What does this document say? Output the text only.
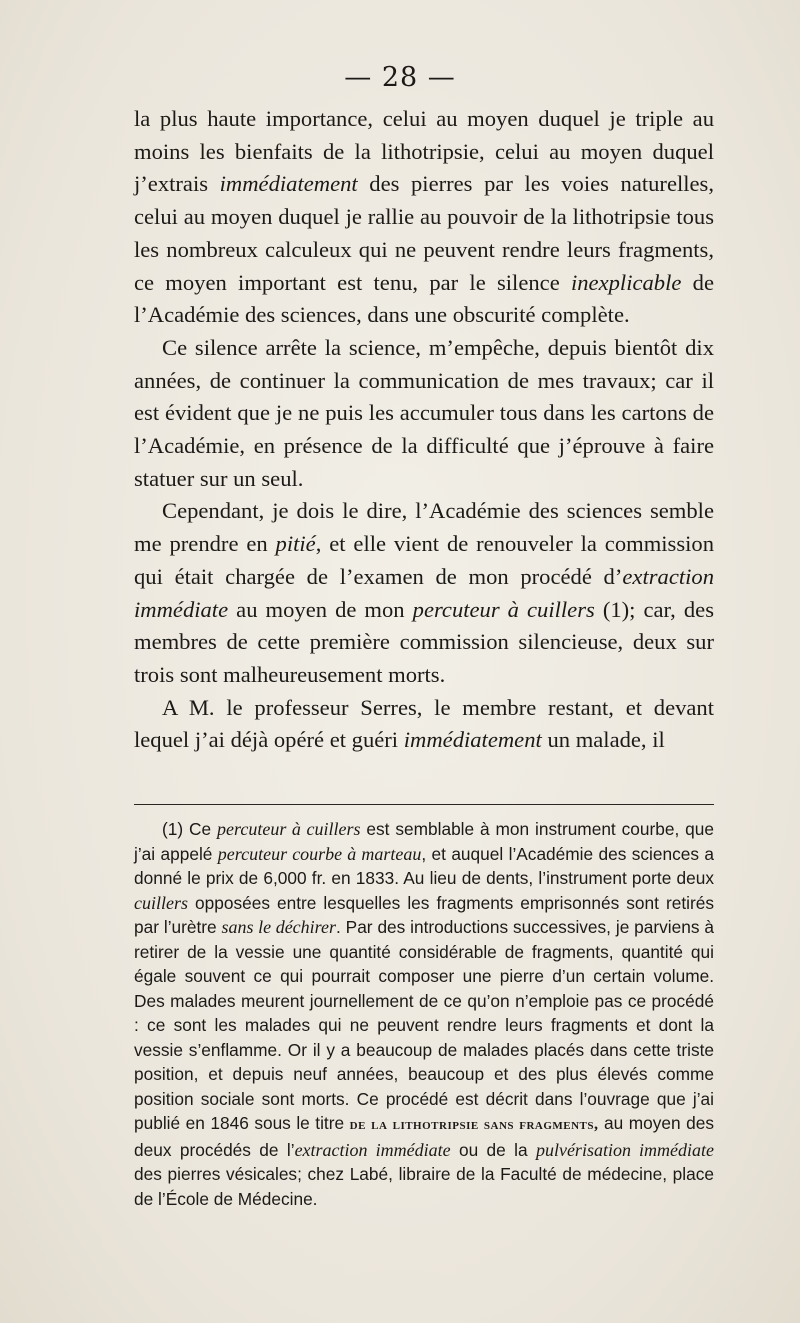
— 28 —

la plus haute importance, celui au moyen duquel je triple au moins les bienfaits de la lithotripsie, celui au moyen duquel j’extrais immédiatement des pierres par les voies naturelles, celui au moyen duquel je rallie au pouvoir de la lithotripsie tous les nombreux calculeux qui ne peuvent rendre leurs fragments, ce moyen important est tenu, par le silence inexplicable de l’Académie des sciences, dans une obscurité complète.

Ce silence arrête la science, m’empêche, depuis bientôt dix années, de continuer la communication de mes travaux; car il est évident que je ne puis les accumuler tous dans les cartons de l’Académie, en présence de la difficulté que j’éprouve à faire statuer sur un seul.

Cependant, je dois le dire, l’Académie des sciences semble me prendre en pitié, et elle vient de renouveler la commission qui était chargée de l’examen de mon procédé d’extraction immédiate au moyen de mon percuteur à cuillers (1); car, des membres de cette première commission silencieuse, deux sur trois sont malheureusement morts.

A M. le professeur Serres, le membre restant, et devant lequel j’ai déjà opéré et guéri immédiatement un malade, il

(1) Ce percuteur à cuillers est semblable à mon instrument courbe, que j’ai appelé percuteur courbe à marteau, et auquel l’Académie des sciences a donné le prix de 6,000 fr. en 1833. Au lieu de dents, l’instrument porte deux cuillers opposées entre lesquelles les fragments emprisonnés sont retirés par l’urètre sans le déchirer. Par des introductions successives, je parviens à retirer de la vessie une quantité considérable de fragments, quantité qui égale souvent ce qui pourrait composer une pierre d’un certain volume. Des malades meurent journellement de ce qu’on n’emploie pas ce procédé : ce sont les malades qui ne peuvent rendre leurs fragments et dont la vessie s’enflamme. Or il y a beaucoup de malades placés dans cette triste position, et depuis neuf années, beaucoup et des plus élevés comme position sociale sont morts. Ce procédé est décrit dans l’ouvrage que j’ai publié en 1846 sous le titre de la lithotripsie sans fragments, au moyen des deux procédés de l’extraction immédiate ou de la pulvérisation immédiate des pierres vésicales; chez Labé, libraire de la Faculté de médecine, place de l’École de Médecine.
